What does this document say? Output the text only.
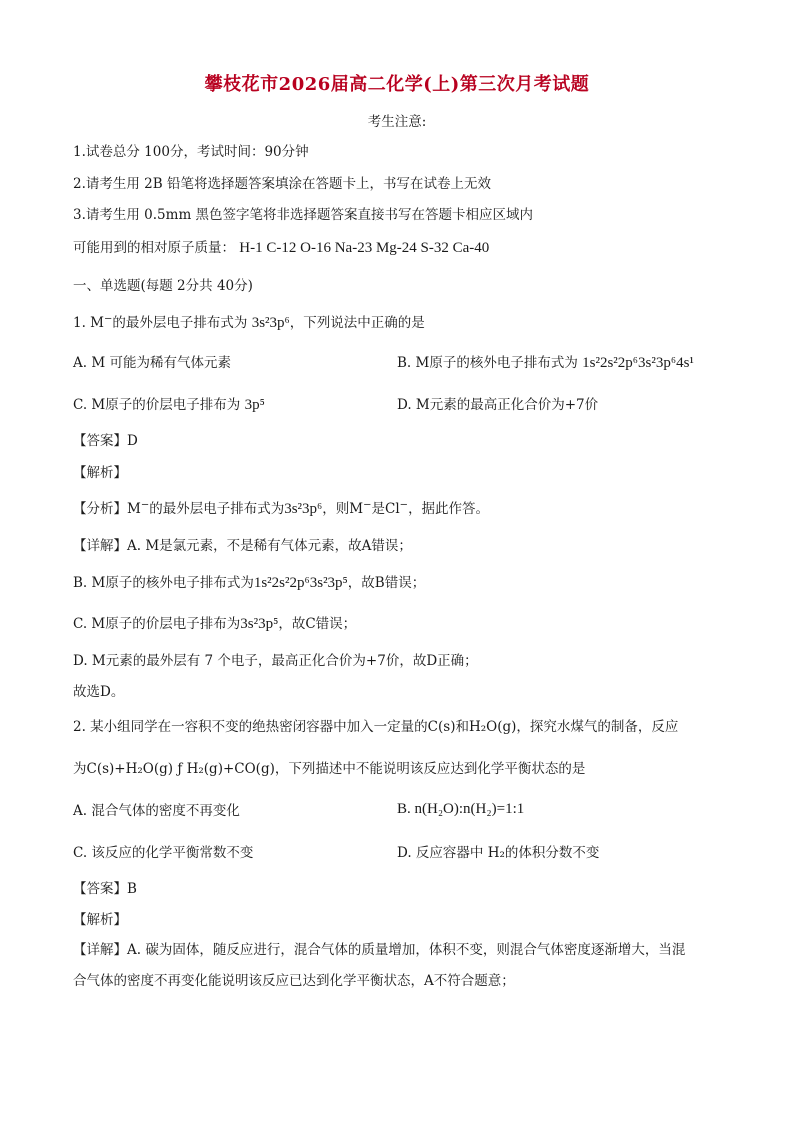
攀枝花市2026届高二化学(上)第三次月考试题
考生注意:
1.试卷总分 100分，考试时间：90分钟
2.请考生用 2B 铅笔将选择题答案填涂在答题卡上，书写在试卷上无效
3.请考生用 0.5mm 黑色签字笔将非选择题答案直接书写在答题卡相应区域内
可能用到的相对原子质量： H-1 C-12 O-16 Na-23 Mg-24 S-32 Ca-40
一、单选题(每题 2分共 40分)
1. M−的最外层电子排布式为 3s²3p⁶，下列说法中正确的是
A. M 可能为稀有气体元素	B. M原子的核外电子排布式为 1s²2s²2p⁶3s²3p⁶4s¹
C. M原子的价层电子排布为 3p⁵	D. M元素的最高正化合价为+7价
【答案】D
【解析】
【分析】M−的最外层电子排布式为3s²3p⁶，则M−是Cl−，据此作答。
【详解】A. M是氯元素，不是稀有气体元素，故A错误；
B. M原子的核外电子排布式为1s²2s²2p⁶3s²3p⁵，故B错误；
C. M原子的价层电子排布为3s²3p⁵，故C错误；
D. M元素的最外层有 7 个电子，最高正化合价为+7价，故D正确；
故选D。
2. 某小组同学在一容积不变的绝热密闭容器中加入一定量的C(s)和H₂O(g)，探究水煤气的制备，反应
为C(s)+H₂O(g) ƒ H₂(g)+CO(g)，下列描述中不能说明该反应达到化学平衡状态的是
A. 混合气体的密度不再变化	B. n(H₂O):n(H₂)=1:1
C. 该反应的化学平衡常数不变	D. 反应容器中 H₂的体积分数不变
【答案】B
【解析】
【详解】A. 碳为固体，随反应进行，混合气体的质量增加，体积不变，则混合气体密度逐渐增大，当混
合气体的密度不再变化能说明该反应已达到化学平衡状态，A不符合题意；
